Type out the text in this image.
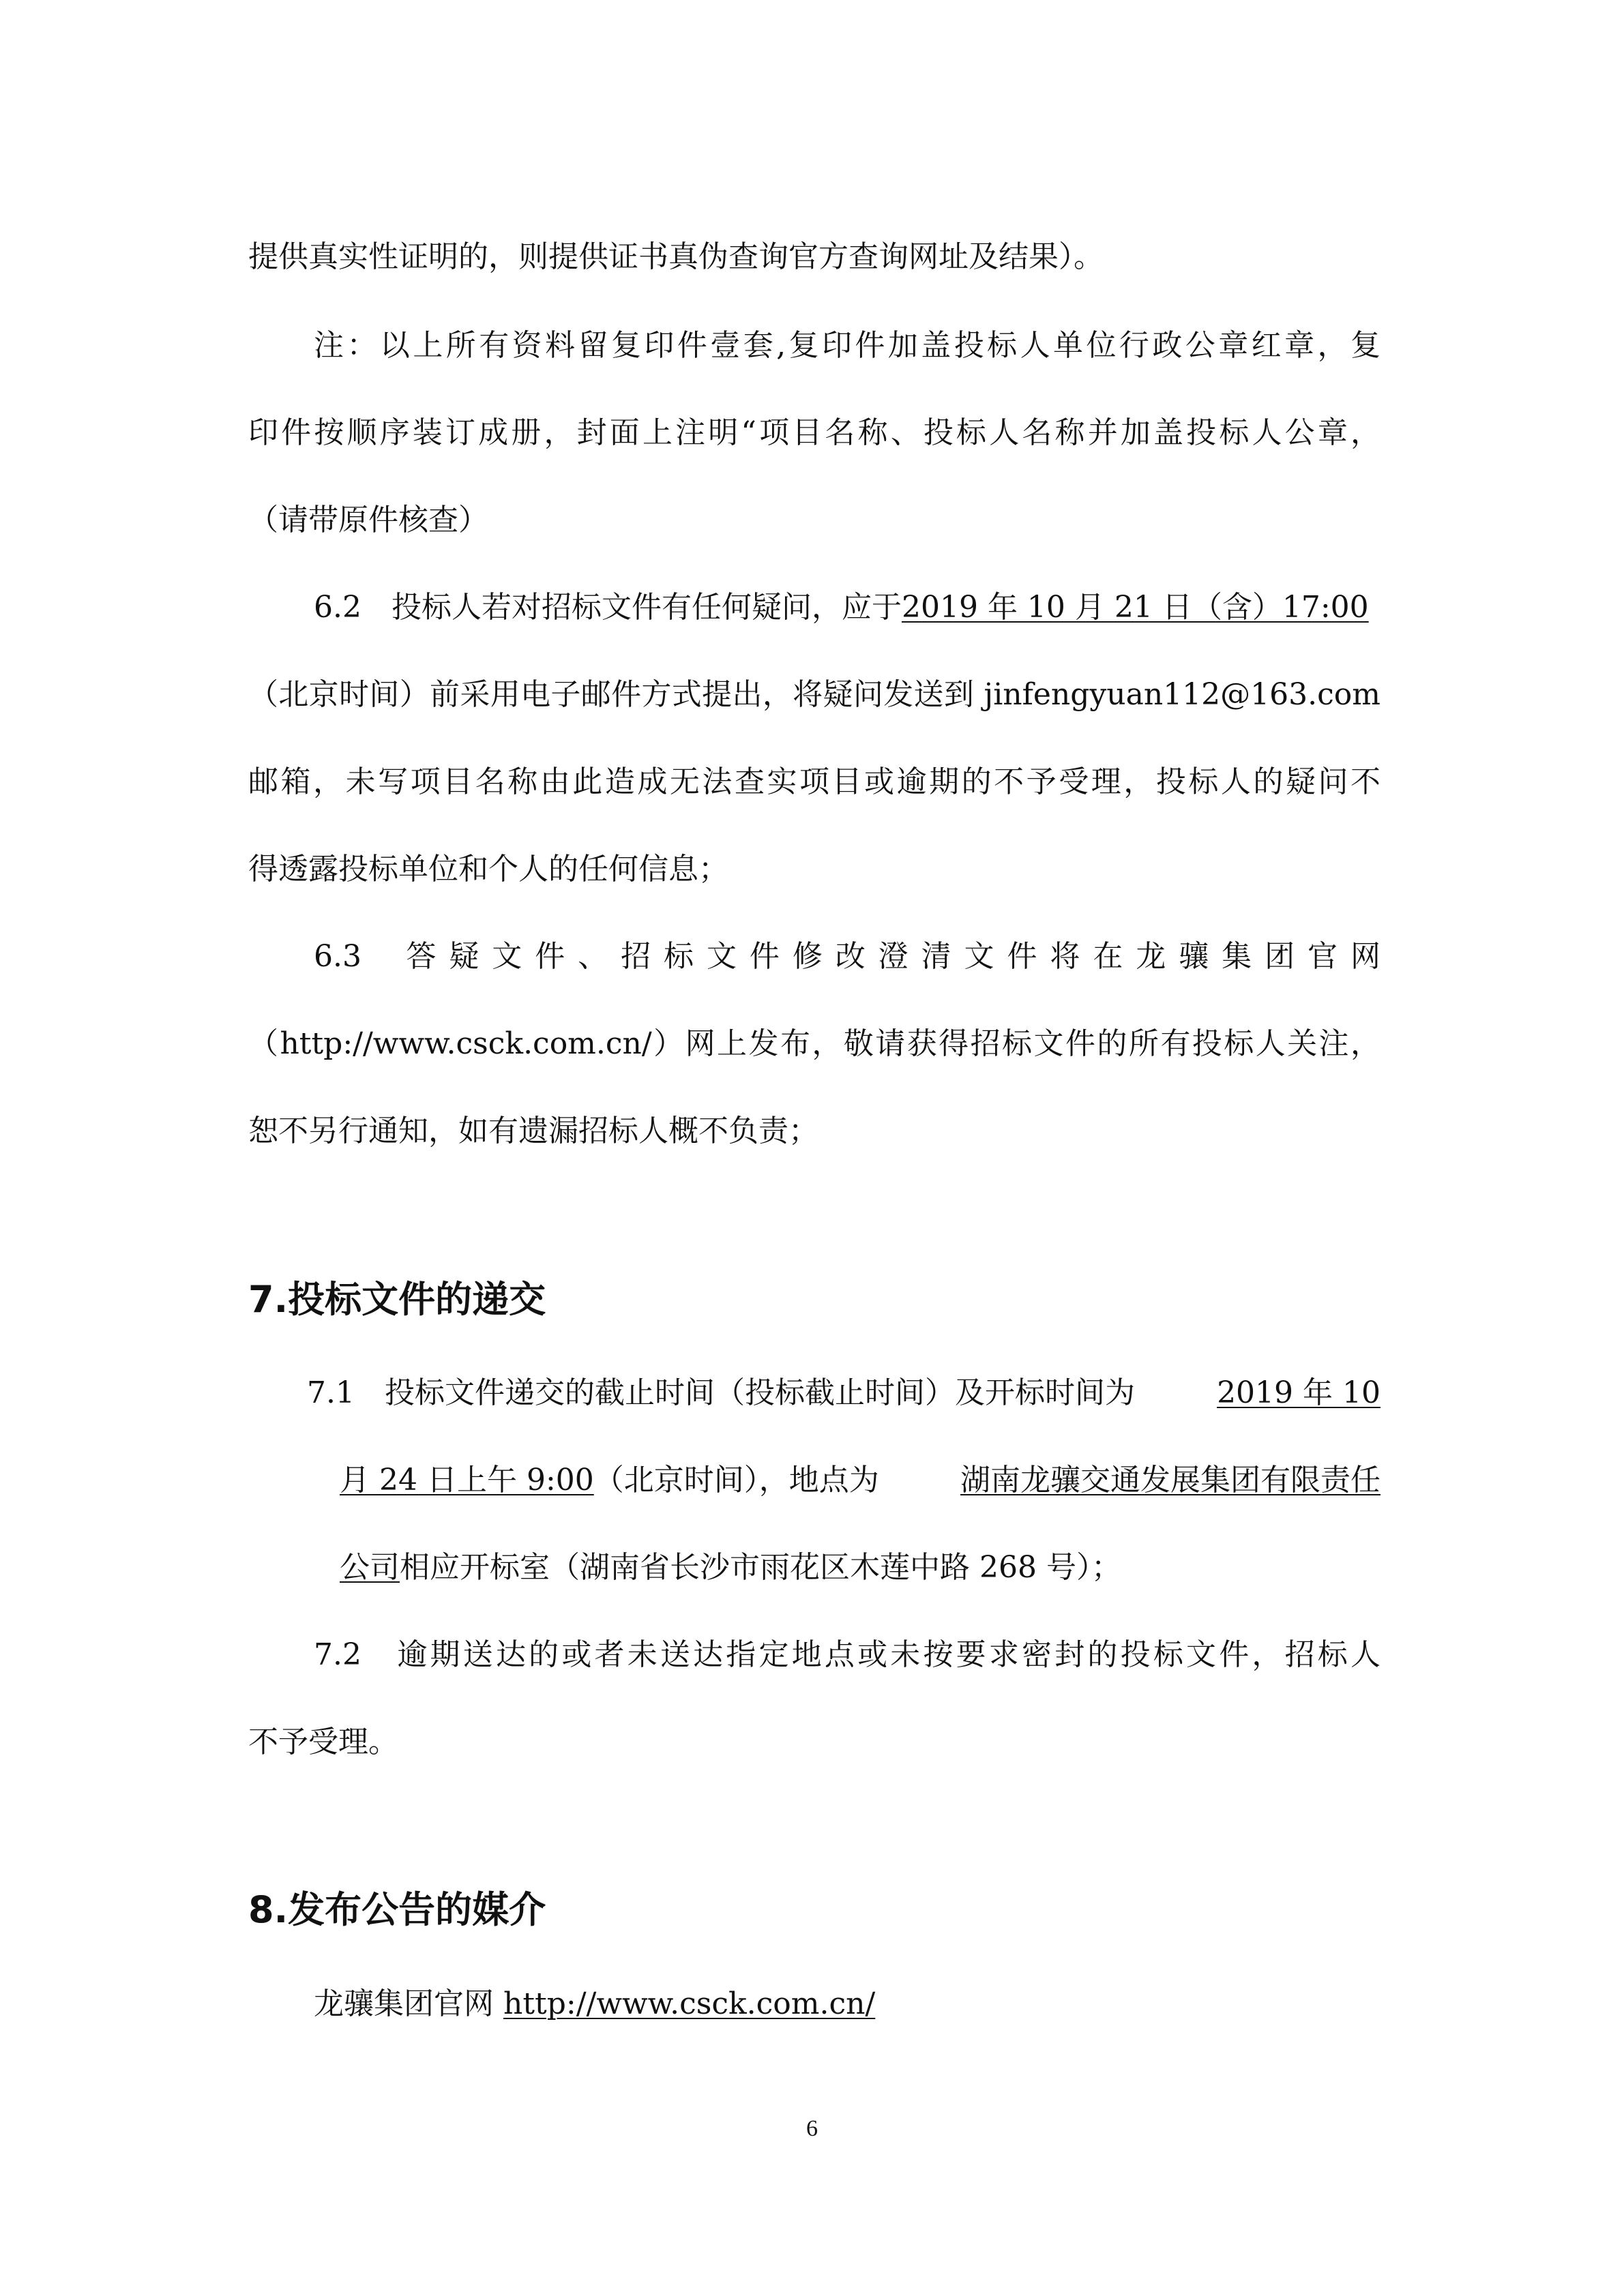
提供真实性证明的，则提供证书真伪查询官方查询网址及结果）。
注：以上所有资料留复印件壹套,复印件加盖投标人单位行政公章红章，复
印件按顺序装订成册，封面上注明“项目名称、投标人名称并加盖投标人公章，
（请带原件核查）
6.2　投标人若对招标文件有任何疑问，应于2019 年 10 月 21 日（含）17:00
（北京时间）前采用电子邮件方式提出，将疑问发送到 jinfengyuan112@163.com
邮箱，未写项目名称由此造成无法查实项目或逾期的不予受理，投标人的疑问不
得透露投标单位和个人的任何信息；
6.3　 答 疑 文 件 、 招 标 文 件 修 改 澄 清 文 件 将 在 龙 骧 集 团 官 网
（http://www.csck.com.cn/）网上发布，敬请获得招标文件的所有投标人关注，
恕不另行通知，如有遗漏招标人概不负责；
7.投标文件的递交
7.1　投标文件递交的截止时间（投标截止时间）及开标时间为	2019 年 10
月 24 日上午 9:00（北京时间），地点为	湖南龙骧交通发展集团有限责任
公司相应开标室（湖南省长沙市雨花区木莲中路 268 号）；
7.2　逾期送达的或者未送达指定地点或未按要求密封的投标文件，招标人
不予受理。
8.发布公告的媒介
龙骧集团官网 http://www.csck.com.cn/
6
